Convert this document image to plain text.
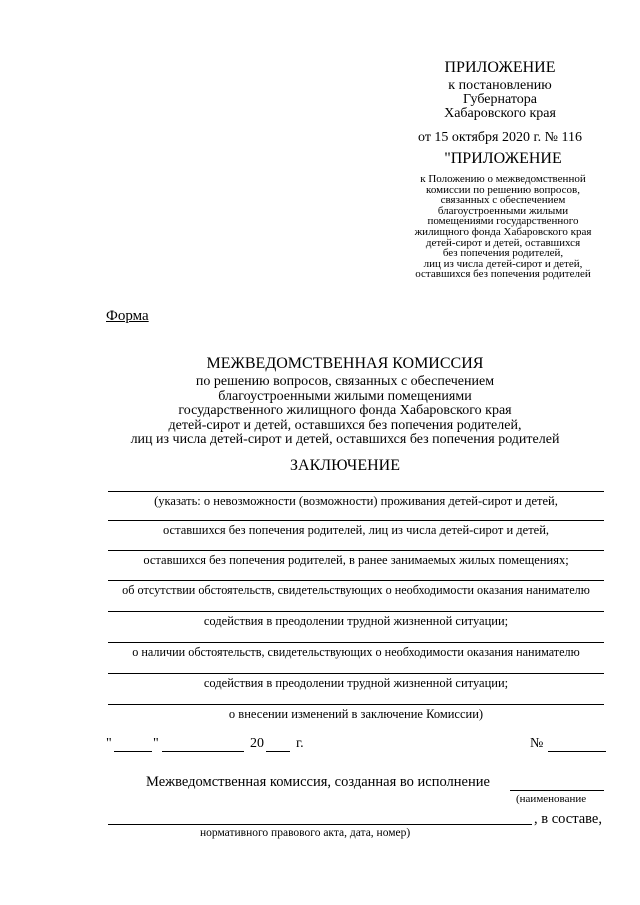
ПРИЛОЖЕНИЕ
к постановлению
Губернатора
Хабаровского края
от 15 октября 2020 г. № 116
"ПРИЛОЖЕНИЕ
к Положению о межведомственной
комиссии по решению вопросов,
связанных с обеспечением
благоустроенными жилыми
помещениями государственного
жилищного фонда Хабаровского края
детей-сирот и детей, оставшихся
без попечения родителей,
лиц из числа детей-сирот и детей,
оставшихся без попечения родителей
Форма
МЕЖВЕДОМСТВЕННАЯ КОМИССИЯ
по решению вопросов, связанных с обеспечением
благоустроенными жилыми помещениями
государственного жилищного фонда Хабаровского края
детей-сирот и детей, оставшихся без попечения родителей,
лиц из числа детей-сирот и детей, оставшихся без попечения родителей
ЗАКЛЮЧЕНИЕ
(указать: о невозможности (возможности) проживания детей-сирот и детей,
оставшихся без попечения родителей, лиц из числа детей-сирот и детей,
оставшихся без попечения родителей, в ранее занимаемых жилых помещениях;
об отсутствии обстоятельств, свидетельствующих о необходимости оказания нанимателю
содействия в преодолении трудной жизненной ситуации;
о наличии обстоятельств, свидетельствующих о необходимости оказания нанимателю
содействия в преодолении трудной жизненной ситуации;
о внесении изменений в заключение Комиссии)
"	"	20 г.	№
Межведомственная комиссия, созданная во исполнение
(наименование
, в составе,
нормативного правового акта, дата, номер)
